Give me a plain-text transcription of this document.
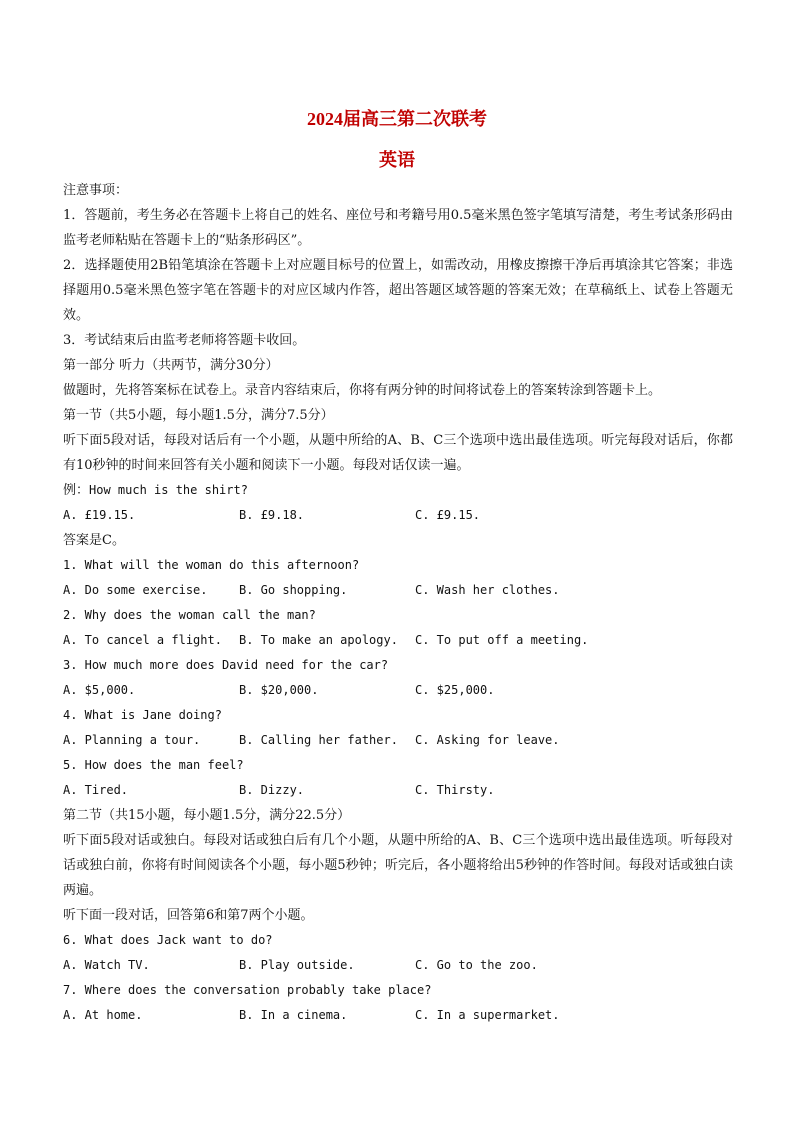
2024届高三第二次联考
英语

注意事项：

1．答题前，考生务必在答题卡上将自己的姓名、座位号和考籍号用0.5毫米黑色签字笔填写清楚，考生考试条形码由监考老师粘贴在答题卡上的“贴条形码区”。

2．选择题使用2B铅笔填涂在答题卡上对应题目标号的位置上，如需改动，用橡皮擦擦干净后再填涂其它答案；非选择题用0.5毫米黑色签字笔在答题卡的对应区域内作答，超出答题区域答题的答案无效；在草稿纸上、试卷上答题无效。

3．考试结束后由监考老师将答题卡收回。

第一部分 听力（共两节，满分30分）

做题时，先将答案标在试卷上。录音内容结束后，你将有两分钟的时间将试卷上的答案转涂到答题卡上。

第一节（共5小题，每小题1.5分，满分7.5分）

听下面5段对话，每段对话后有一个小题，从题中所给的A、B、C三个选项中选出最佳选项。听完每段对话后，你都有10秒钟的时间来回答有关小题和阅读下一小题。每段对话仅读一遍。

例：How much is the shirt?

A. £19.15.	B. £9.18.	C. £9.15.

答案是C。

1. What will the woman do this afternoon?

A. Do some exercise.	B. Go shopping.	C. Wash her clothes.

2. Why does the woman call the man?

A. To cancel a flight. B. To make an apology. C. To put off a meeting.

3. How much more does David need for the car?

A. $5,000.	B. $20,000.	C. $25,000.

4. What is Jane doing?

A. Planning a tour.	B. Calling her father. C. Asking for leave.

5. How does the man feel?

A. Tired.	B. Dizzy.	C. Thirsty.

第二节（共15小题，每小题1.5分，满分22.5分）

听下面5段对话或独白。每段对话或独白后有几个小题，从题中所给的A、B、C三个选项中选出最佳选项。听每段对话或独白前，你将有时间阅读各个小题，每小题5秒钟；听完后，各小题将给出5秒钟的作答时间。每段对话或独白读两遍。

听下面一段对话，回答第6和第7两个小题。

6. What does Jack want to do?

A. Watch TV.	B. Play outside.	C. Go to the zoo.

7. Where does the conversation probably take place?

A. At home.	B. In a cinema.	C. In a supermarket.
